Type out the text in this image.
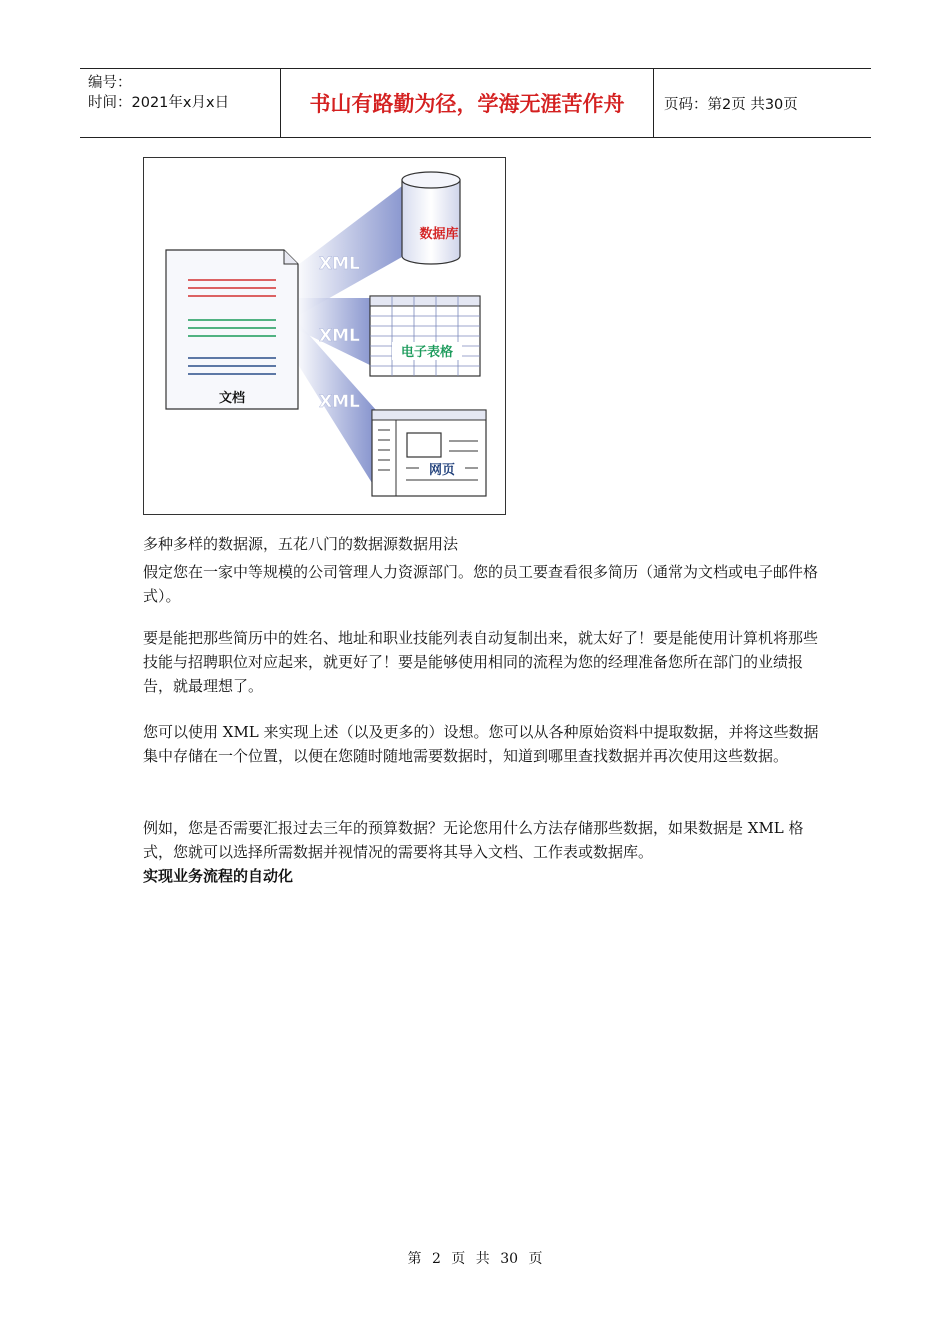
编号：
时间：2021年x月x日	书山有路勤为径，学海无涯苦作舟	页码：第2页 共30页
文档
数据库
电子表格
网页
XML
XML
XML

多种多样的数据源，五花八门的数据源数据用法

假定您在一家中等规模的公司管理人力资源部门。您的员工要查看很多简历（通常为文档或电子邮件格式）。

要是能把那些简历中的姓名、地址和职业技能列表自动复制出来，就太好了！要是能使用计算机将那些技能与招聘职位对应起来，就更好了！要是能够使用相同的流程为您的经理准备您所在部门的业绩报告，就最理想了。

您可以使用 XML 来实现上述（以及更多的）设想。您可以从各种原始资料中提取数据，并将这些数据集中存储在一个位置，以便在您随时随地需要数据时，知道到哪里查找数据并再次使用这些数据。

例如，您是否需要汇报过去三年的预算数据？无论您用什么方法存储那些数据，如果数据是 XML 格式，您就可以选择所需数据并视情况的需要将其导入文档、工作表或数据库。

实现业务流程的自动化

第 2 页 共 30 页
